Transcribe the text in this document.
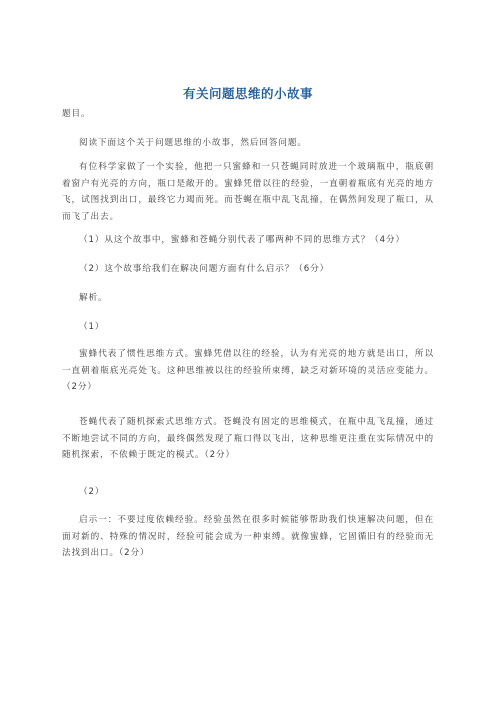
有关问题思维的小故事
题目。
阅读下面这个关于问题思维的小故事，然后回答问题。
有位科学家做了一个实验，他把一只蜜蜂和一只苍蝇同时放进一个玻璃瓶中，瓶底朝着窗户有光亮的方向，瓶口是敞开的。蜜蜂凭借以往的经验，一直朝着瓶底有光亮的地方飞，试图找到出口，最终它力竭而死。而苍蝇在瓶中乱飞乱撞，在偶然间发现了瓶口，从而飞了出去。
（1）从这个故事中，蜜蜂和苍蝇分别代表了哪两种不同的思维方式？（4分）
（2）这个故事给我们在解决问题方面有什么启示？（6分）
解析。
（1）
蜜蜂代表了惯性思维方式。蜜蜂凭借以往的经验，认为有光亮的地方就是出口，所以一直朝着瓶底光亮处飞。这种思维被以往的经验所束缚，缺乏对新环境的灵活应变能力。（2分）
苍蝇代表了随机探索式思维方式。苍蝇没有固定的思维模式，在瓶中乱飞乱撞，通过不断地尝试不同的方向，最终偶然发现了瓶口得以飞出，这种思维更注重在实际情况中的随机探索，不依赖于既定的模式。（2分）
（2）
启示一：不要过度依赖经验。经验虽然在很多时候能够帮助我们快速解决问题，但在面对新的、特殊的情况时，经验可能会成为一种束缚。就像蜜蜂，它固循旧有的经验而无法找到出口。（2分）
